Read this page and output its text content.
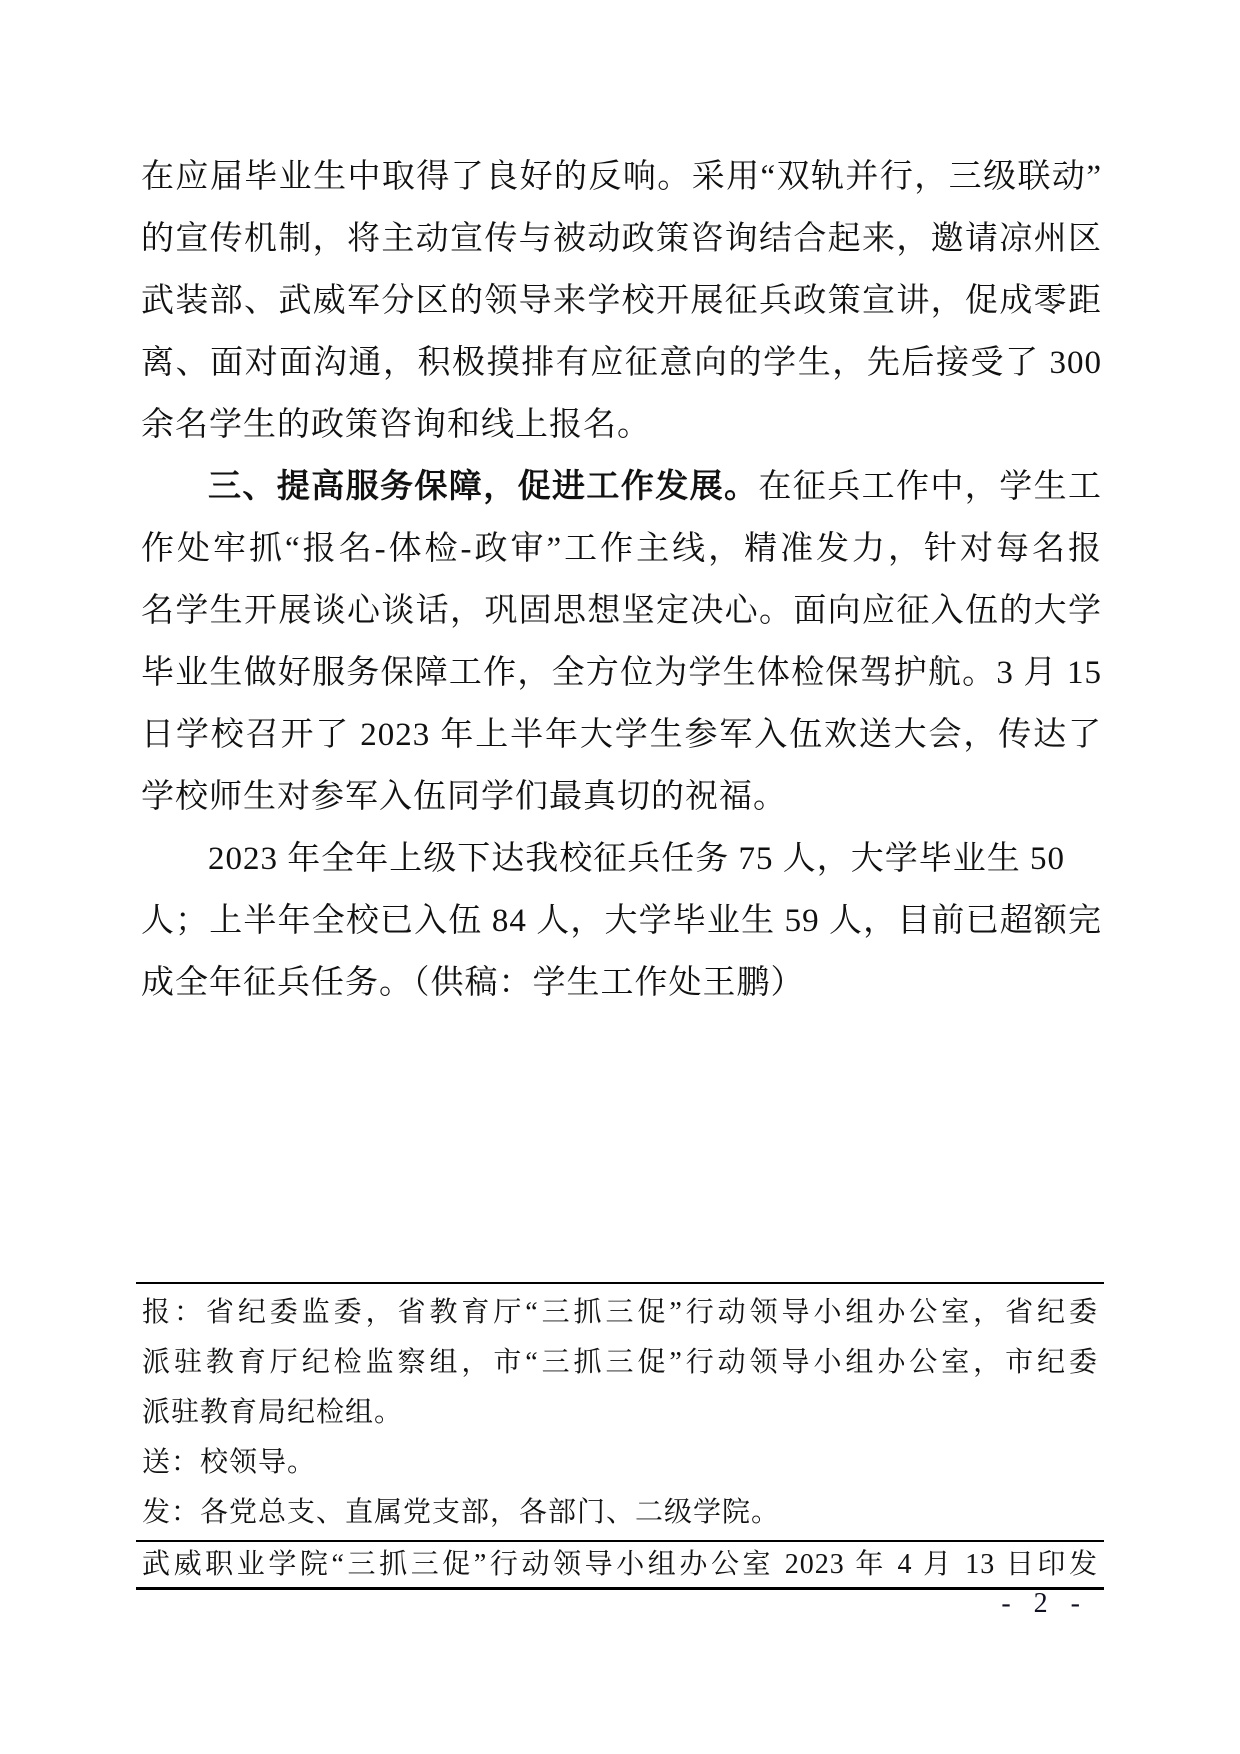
在应届毕业生中取得了良好的反响。采用“双轨并行，三级联动”
的宣传机制，将主动宣传与被动政策咨询结合起来，邀请凉州区
武装部、武威军分区的领导来学校开展征兵政策宣讲，促成零距
离、面对面沟通，积极摸排有应征意向的学生，先后接受了 300
余名学生的政策咨询和线上报名。
三、提高服务保障，促进工作发展。在征兵工作中，学生工
作处牢抓“报名-体检-政审”工作主线，精准发力，针对每名报
名学生开展谈心谈话，巩固思想坚定决心。面向应征入伍的大学
毕业生做好服务保障工作，全方位为学生体检保驾护航。3 月 15
日学校召开了 2023 年上半年大学生参军入伍欢送大会，传达了
学校师生对参军入伍同学们最真切的祝福。
2023 年全年上级下达我校征兵任务 75 人，大学毕业生 50
人；上半年全校已入伍 84 人，大学毕业生 59 人，目前已超额完
成全年征兵任务。（供稿：学生工作处王鹏）
报：省纪委监委，省教育厅“三抓三促”行动领导小组办公室，省纪委
派驻教育厅纪检监察组，市“三抓三促”行动领导小组办公室，市纪委
派驻教育局纪检组。
送：校领导。
发：各党总支、直属党支部，各部门、二级学院。
武威职业学院“三抓三促”行动领导小组办公室 2023 年 4 月 13 日印发
- 2 -
